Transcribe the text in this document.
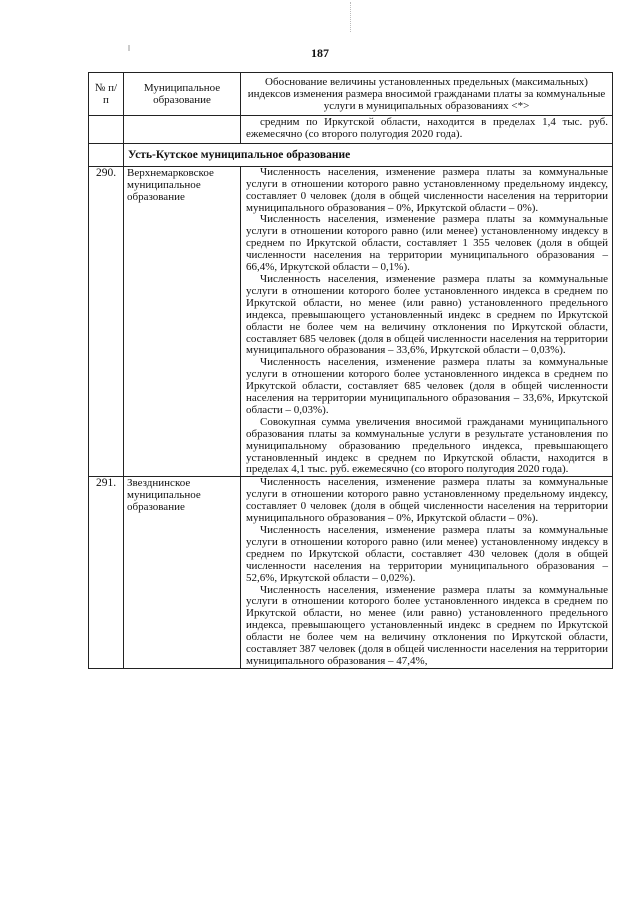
187
№ п/п	Муниципальное образование	Обоснование величины установленных предельных (максимальных) индексов изменения размера вносимой гражданами платы за коммунальные услуги в муниципальных образованиях <*>

		средним по Иркутской области, находится в пределах 1,4 тыс. руб. ежемесячно (со второго полугодия 2020 года).

	Усть-Кутское муниципальное образование	
290.	Верхнемарковское муниципальное образование	Численность населения, изменение размера платы за коммунальные услуги в отношении которого равно установленному предельному индексу, составляет 0 человек (доля в общей численности населения на территории муниципального образования – 0%, Иркутской области – 0%).

Численность населения, изменение размера платы за коммунальные услуги в отношении которого равно (или менее) установленному индексу в среднем по Иркутской области, составляет 1 355 человек (доля в общей численности населения на территории муниципального образования – 66,4%, Иркутской области – 0,1%).

Численность населения, изменение размера платы за коммунальные услуги в отношении которого более установленного индекса в среднем по Иркутской области, но менее (или равно) установленного предельного индекса, превышающего установленный индекс в среднем по Иркутской области не более чем на величину отклонения по Иркутской области, составляет 685 человек (доля в общей численности населения на территории муниципального образования – 33,6%, Иркутской области – 0,03%).

Численность населения, изменение размера платы за коммунальные услуги в отношении которого более установленного индекса в среднем по Иркутской области, составляет 685 человек (доля в общей численности населения на территории муниципального образования – 33,6%, Иркутской области – 0,03%).

Совокупная сумма увеличения вносимой гражданами муниципального образования платы за коммунальные услуги в результате установления по муниципальному образованию предельного индекса, превышающего установленный индекс в среднем по Иркутской области, находится в пределах 4,1 тыс. руб. ежемесячно (со второго полугодия 2020 года).

291.	Звезднинское муниципальное образование	Численность населения, изменение размера платы за коммунальные услуги в отношении которого равно установленному предельному индексу, составляет 0 человек (доля в общей численности населения на территории муниципального образования – 0%, Иркутской области – 0%).

Численность населения, изменение размера платы за коммунальные услуги в отношении которого равно (или менее) установленному индексу в среднем по Иркутской области, составляет 430 человек (доля в общей численности населения на территории муниципального образования – 52,6%, Иркутской области – 0,02%).

Численность населения, изменение размера платы за коммунальные услуги в отношении которого более установленного индекса в среднем по Иркутской области, но менее (или равно) установленного предельного индекса, превышающего установленный индекс в среднем по Иркутской области не более чем на величину отклонения по Иркутской области, составляет 387 человек (доля в общей численности населения на территории муниципального образования – 47,4%,
